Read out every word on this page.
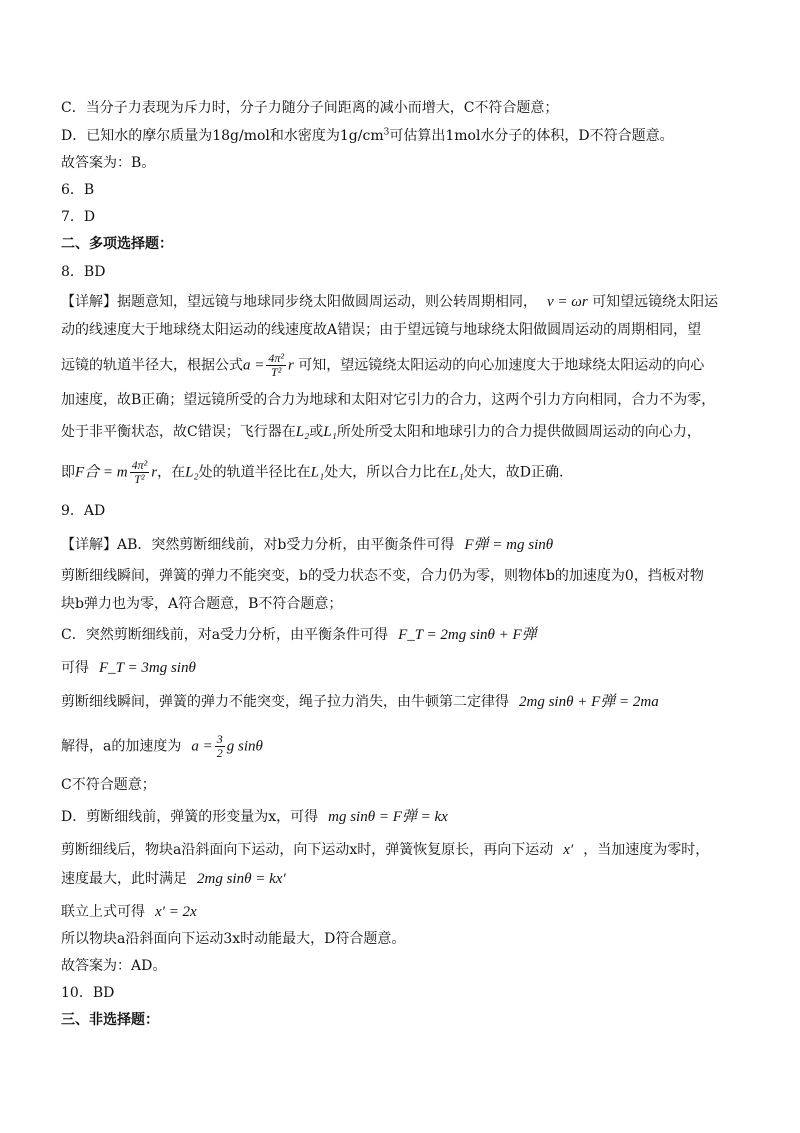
C．当分子力表现为斥力时，分子力随分子间距离的减小而增大，C不符合题意；
D．已知水的摩尔质量为18g/mol和水密度为$1g/cm^3$可估算出1mol水分子的体积，D不符合题意。
故答案为：B。
6．B
7．D
二、多项选择题：
8．BD
【详解】据题意知，望远镜与地球同步绕太阳做圆周运动，则公转周期相同， v = ωr 可知望远镜绕太阳运
动的线速度大于地球绕太阳运动的线速度故A错误；由于望远镜与地球绕太阳做圆周运动的周期相同，望
远镜的轨道半径大，根据公式$a = \frac{\text{4π²}}{\text{T²}}$ r 可知，望远镜绕太阳运动的向心加速度大于地球绕太阳运动的向心
加速度，故B正确；望远镜所受的合力为地球和太阳对它引力的合力，这两个引力方向相同，合力不为零，
处于非平衡状态，故C错误；飞行器在L₂或L₁所处所受太阳和地球引力的合力提供做圆周运动的向心力，
即F合 = m $\frac{\text{4π²}}{\text{T²}}$ r，在L₂处的轨道半径比在L₁处大，所以合力比在L₁处大，故D正确.
9．AD
【详解】AB．突然剪断细线前，对b受力分析，由平衡条件可得 F弹 = mg sinθ
剪断细线瞬间，弹簧的弹力不能突变，b的受力状态不变，合力仍为零，则物体b的加速度为0，挡板对物
块b弹力也为零，A符合题意，B不符合题意；
C．突然剪断细线前，对a受力分析，由平衡条件可得 F_T = 2mg sinθ + F弹
可得 F_T = 3mg sinθ
剪断细线瞬间，弹簧的弹力不能突变，绳子拉力消失，由牛顿第二定律得 2mg sinθ + F弹 = 2ma
解得，a的加速度为 $a = \frac{3}{2}$ g sinθ
C不符合题意；
D．剪断细线前，弹簧的形变量为x，可得 mg sinθ = F弹 = kx
剪断细线后，物块a沿斜面向下运动，向下运动x时，弹簧恢复原长，再向下运动 x′ ，当加速度为零时，
速度最大，此时满足 2mg sinθ = kx′
联立上式可得 x′ = 2x
所以物块a沿斜面向下运动3x时动能最大，D符合题意。
故答案为：AD。
10．BD
三、非选择题：
